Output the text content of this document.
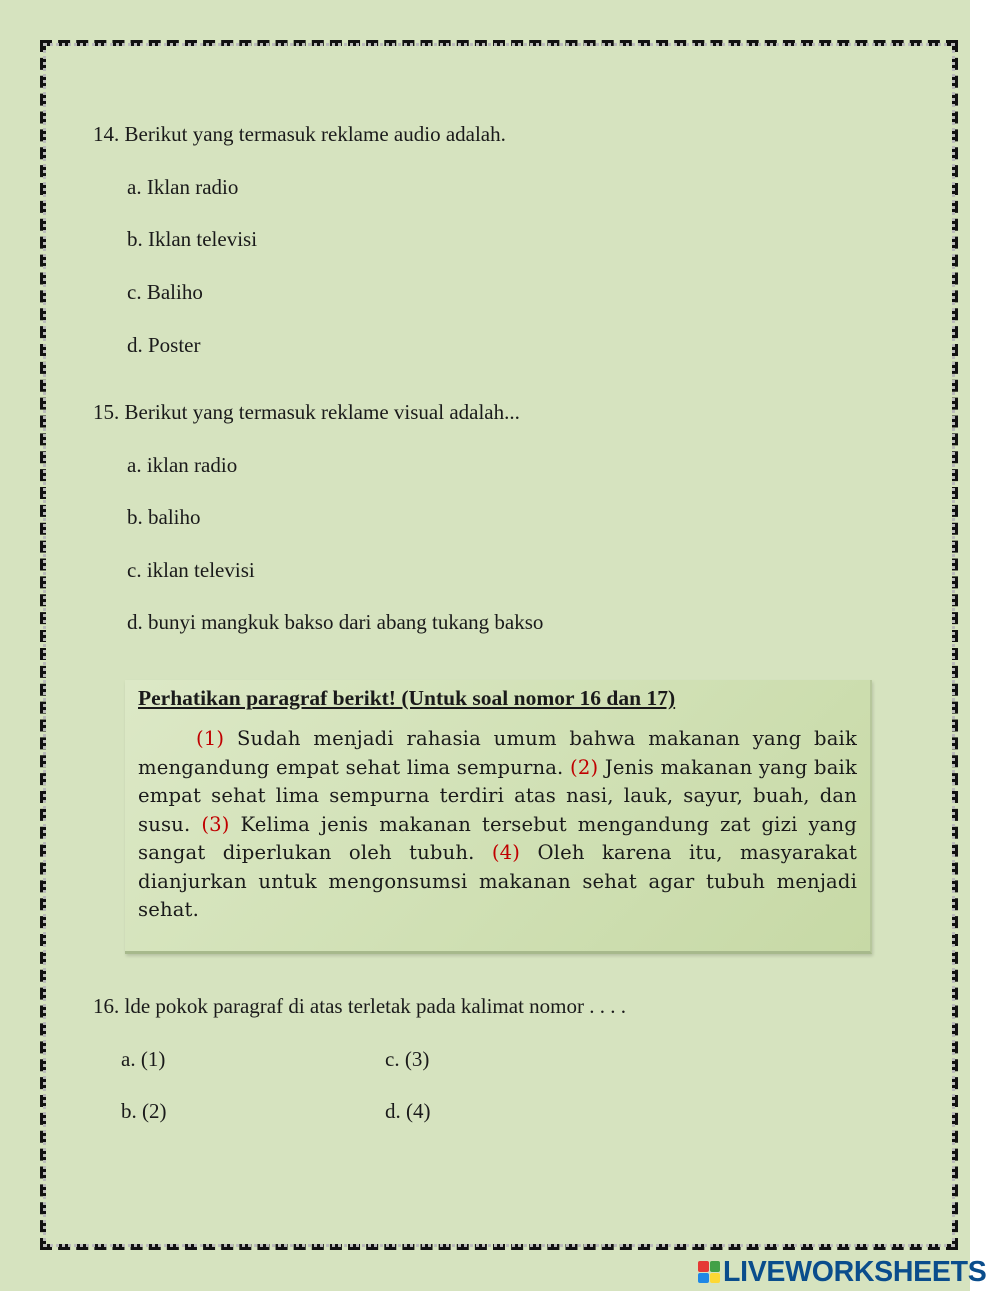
14. Berikut yang termasuk reklame audio adalah.
a. Iklan radio
b. Iklan televisi
c. Baliho
d. Poster
15. Berikut yang termasuk reklame visual adalah...
a. iklan radio
b. baliho
c. iklan televisi
d. bunyi mangkuk bakso dari abang tukang bakso
Perhatikan paragraf berikt! (Untuk soal nomor 16 dan 17)

(1) Sudah menjadi rahasia umum bahwa makanan yang baik mengandung empat sehat lima sempurna. (2) Jenis makanan yang baik empat sehat lima sempurna terdiri atas nasi, lauk, sayur, buah, dan susu. (3) Kelima jenis makanan tersebut mengandung zat gizi yang sangat diperlukan oleh tubuh. (4) Oleh karena itu, masyarakat dianjurkan untuk mengonsumsi makanan sehat agar tubuh menjadi sehat.

16. lde pokok paragraf di atas terletak pada kalimat nomor . . . .
a. (1)	c. (3)
b. (2)	d. (4)
LIVEWORKSHEETS
